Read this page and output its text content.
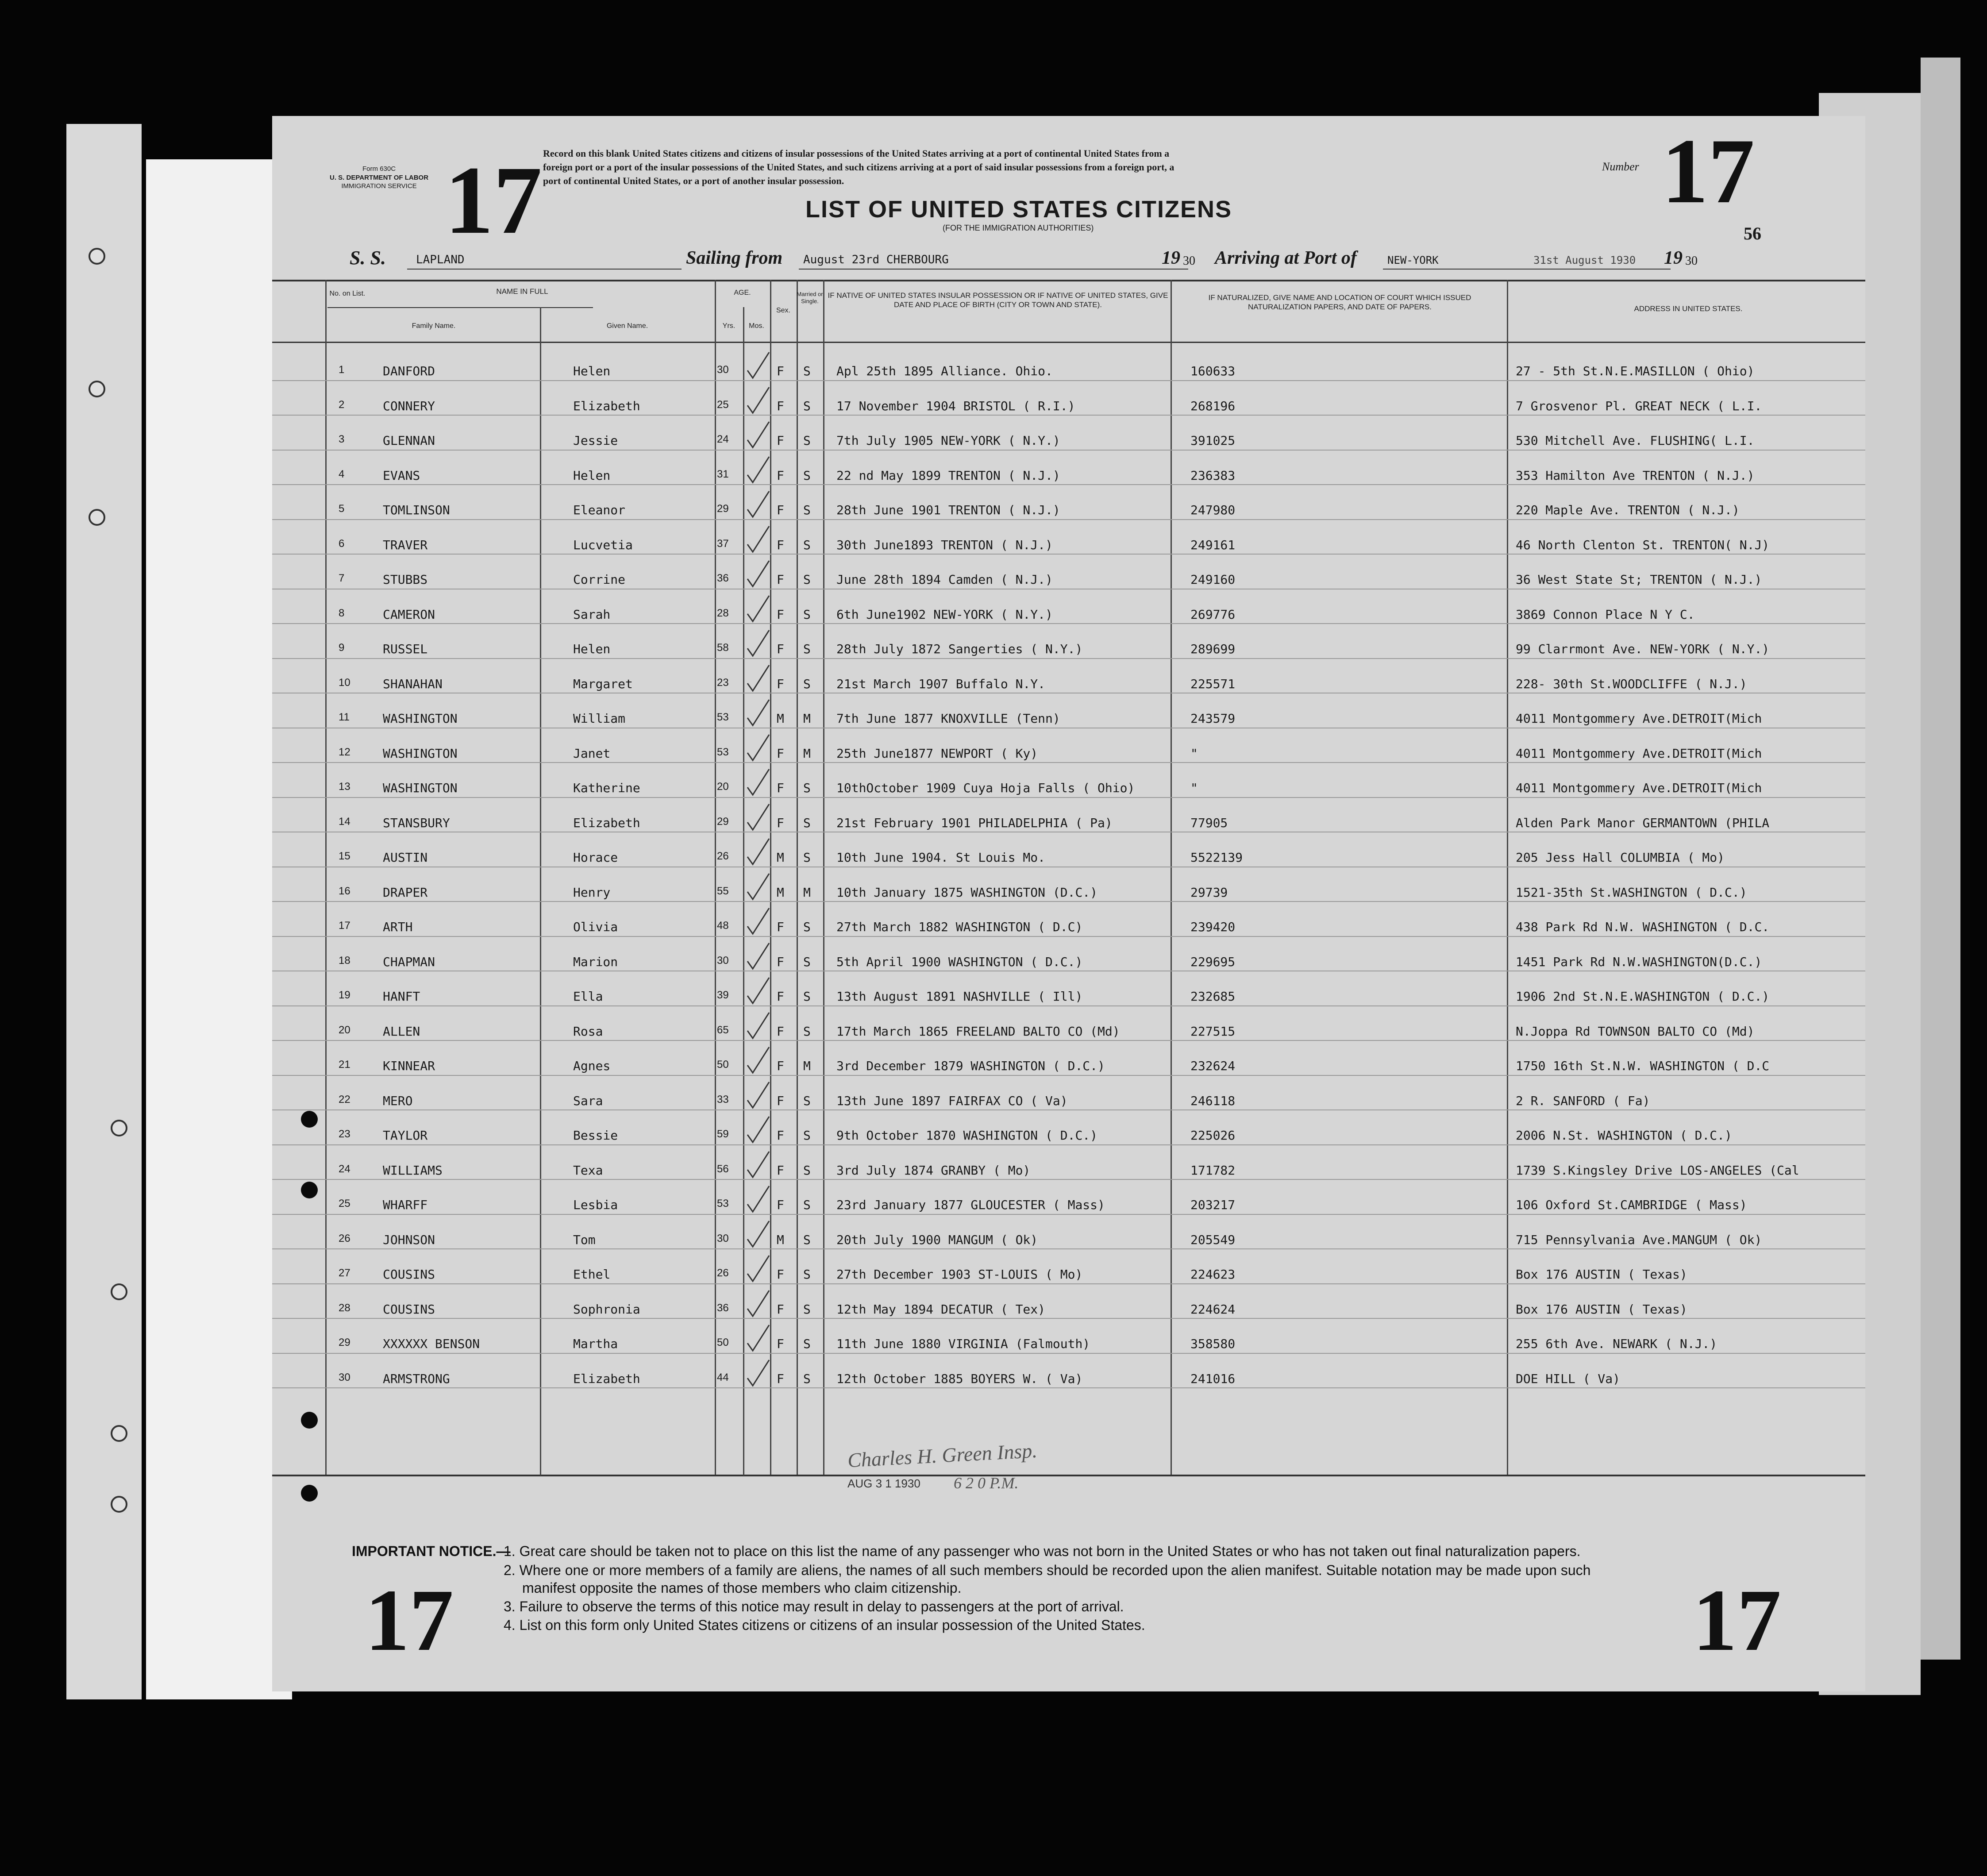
Form 630C
U. S. DEPARTMENT OF LABOR
IMMIGRATION SERVICE 17 Record on this blank United States citizens and citizens of insular possessions of the United States arriving at a port of continental United States from a
foreign port or a port of the insular possessions of the United States, and such citizens arriving at a port of said insular possessions from a foreign port, a
port of continental United States, or a port of another insular possession.
LIST OF UNITED STATES CITIZENS
(FOR THE IMMIGRATION AUTHORITIES)
Number 17
56
S. S.	LAPLAND	Sailing from August 23rd CHERBOURG	19 30 Arriving at Port of	NEW-YORK	31st August 1930 19 30
No. on List.	NAME IN FULL
Family Name.	Given Name.
AGE.
Yrs.	Mos.
Sex.
Married or Single.
IF NATIVE OF UNITED STATES INSULAR POSSESSION OR IF NATIVE OF UNITED STATES, GIVE DATE AND PLACE OF BIRTH (CITY OR TOWN AND STATE).
IF NATURALIZED, GIVE NAME AND LOCATION OF COURT WHICH ISSUED NATURALIZATION PAPERS, AND DATE OF PAPERS.	ADDRESS IN UNITED STATES.
1	DANFORD	Helen	30	F S Apl 25th 1895 Alliance. Ohio.	160633	27 - 5th St.N.E.MASILLON ( Ohio)
2	CONNERY	Elizabeth	25	F S 17 November 1904 BRISTOL ( R.I.)	268196	7 Grosvenor Pl. GREAT NECK ( L.I.
3	GLENNAN	Jessie	24	F S 7th July 1905 NEW-YORK ( N.Y.)	391025	530 Mitchell Ave. FLUSHING( L.I.
4	EVANS	Helen	31	F S 22 nd May 1899 TRENTON ( N.J.)	236383	353 Hamilton Ave TRENTON ( N.J.)
5	TOMLINSON	Eleanor	29	F S 28th June 1901 TRENTON ( N.J.)	247980	220 Maple Ave. TRENTON ( N.J.)
6	TRAVER	Lucvetia	37	F S 30th June1893 TRENTON ( N.J.)	249161	46 North Clenton St. TRENTON( N.J)
7	STUBBS	Corrine	36	F S June 28th 1894 Camden ( N.J.)	249160	36 West State St; TRENTON ( N.J.)
8	CAMERON	Sarah	28	F S 6th June1902 NEW-YORK ( N.Y.)	269776	3869 Connon Place N Y C.
9	RUSSEL	Helen	58	F S 28th July 1872 Sangerties ( N.Y.)	289699	99 Clarrmont Ave. NEW-YORK ( N.Y.)
10	SHANAHAN	Margaret	23	F S 21st March 1907 Buffalo N.Y.	225571	228- 30th St.WOODCLIFFE ( N.J.)
11	WASHINGTON	William	53	M M 7th June 1877 KNOXVILLE (Tenn)	243579	4011 Montgommery Ave.DETROIT(Mich
12	WASHINGTON	Janet	53	F M 25th June1877 NEWPORT ( Ky)	"	4011 Montgommery Ave.DETROIT(Mich
13	WASHINGTON	Katherine	20	F S 10thOctober 1909 Cuya Hoja Falls ( Ohio)	"	4011 Montgommery Ave.DETROIT(Mich
14	STANSBURY	Elizabeth	29	F S 21st February 1901 PHILADELPHIA ( Pa)	77905	Alden Park Manor GERMANTOWN (PHILA
15	AUSTIN	Horace	26	M S 10th June 1904. St Louis Mo.	5522139	205 Jess Hall COLUMBIA ( Mo)
16	DRAPER	Henry	55	M M 10th January 1875 WASHINGTON (D.C.)	29739	1521-35th St.WASHINGTON ( D.C.)
17	ARTH	Olivia	48	F S 27th March 1882 WASHINGTON ( D.C)	239420	438 Park Rd N.W. WASHINGTON ( D.C.
18	CHAPMAN	Marion	30	F S 5th April 1900 WASHINGTON ( D.C.)	229695	1451 Park Rd N.W.WASHINGTON(D.C.)
19	HANFT	Ella	39	F S 13th August 1891 NASHVILLE ( Ill)	232685	1906 2nd St.N.E.WASHINGTON ( D.C.)
20	ALLEN	Rosa	65	F S 17th March 1865 FREELAND BALTO CO (Md)	227515	N.Joppa Rd TOWNSON BALTO CO (Md)
21	KINNEAR	Agnes	50	F M 3rd December 1879 WASHINGTON ( D.C.)	232624	1750 16th St.N.W. WASHINGTON ( D.C
22	MERO	Sara	33	F S 13th June 1897 FAIRFAX CO ( Va)	246118	2 R. SANFORD ( Fa)
23	TAYLOR	Bessie	59	F S 9th October 1870 WASHINGTON ( D.C.)	225026	2006 N.St. WASHINGTON ( D.C.)
24	WILLIAMS	Texa	56	F S 3rd July 1874 GRANBY ( Mo)	171782	1739 S.Kingsley Drive LOS-ANGELES (Cal
25	WHARFF	Lesbia	53	F S 23rd January 1877 GLOUCESTER ( Mass)	203217	106 Oxford St.CAMBRIDGE ( Mass)
26	JOHNSON	Tom	30	M S 20th July 1900 MANGUM ( Ok)	205549	715 Pennsylvania Ave.MANGUM ( Ok)
27	COUSINS	Ethel	26	F S 27th December 1903 ST-LOUIS ( Mo)	224623	Box 176 AUSTIN ( Texas)
28	COUSINS	Sophronia	36	F S 12th May 1894 DECATUR ( Tex)	224624	Box 176 AUSTIN ( Texas)
29	XXXXXX BENSON	Martha	50	F S 11th June 1880 VIRGINIA (Falmouth)	358580	255 6th Ave. NEWARK ( N.J.)
30	ARMSTRONG	Elizabeth	44	F S 12th October 1885 BOYERS W. ( Va)	241016	DOE HILL ( Va)
Charles H. Green Insp.
AUG 3 1 1930 6 2 0 P.M.
IMPORTANT NOTICE.—
1. Great care should be taken not to place on this list the name of any passenger who was not born in the United States or who has not taken out final naturalization papers.
2. Where one or more members of a family are aliens, the names of all such members should be recorded upon the alien manifest. Suitable notation may be made upon such
manifest opposite the names of those members who claim citizenship.
3. Failure to observe the terms of this notice may result in delay to passengers at the port of arrival.
4. List on this form only United States citizens or citizens of an insular possession of the United States.
17	17
